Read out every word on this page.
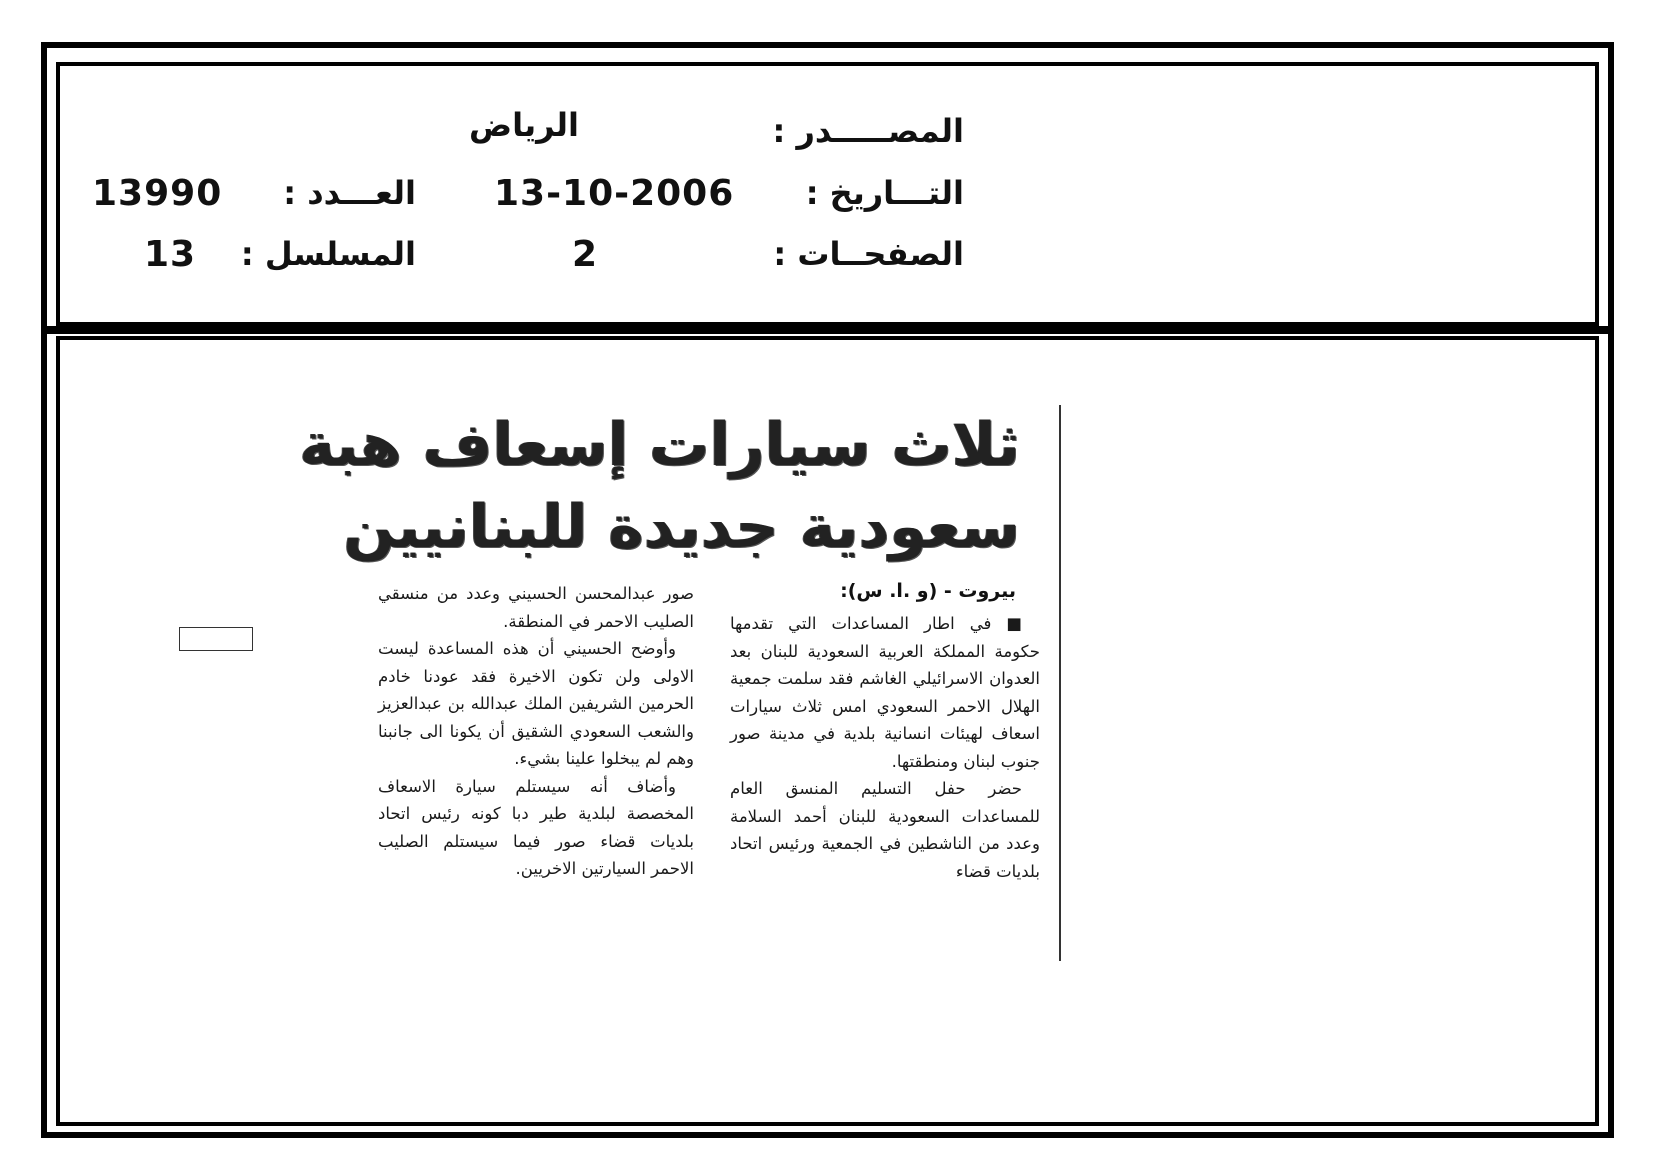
المصـــــدر :
الرياض
التـــاريخ :
13-10-2006
العـــدد :
13990
الصفحــات :
2
المسلسل :
13
ثلاث سيارات إسعاف هبة
سعودية جديدة للبنانيين
بيروت - (و .ا. س):

■ في اطار المساعدات التي تقدمها حكومة المملكة العربية السعودية للبنان بعد العدوان الاسرائيلي الغاشم فقد سلمت جمعية الهلال الاحمر السعودي امس ثلاث سيارات اسعاف لهيئات انسانية بلدية في مدينة صور جنوب لبنان ومنطقتها.

حضر حفل التسليم المنسق العام للمساعدات السعودية للبنان أحمد السلامة وعدد من الناشطين في الجمعية ورئيس اتحاد بلديات قضاء

صور عبدالمحسن الحسيني وعدد من منسقي الصليب الاحمر في المنطقة.

وأوضح الحسيني أن هذه المساعدة ليست الاولى ولن تكون الاخيرة فقد عودنا خادم الحرمين الشريفين الملك عبدالله بن عبدالعزيز والشعب السعودي الشقيق أن يكونا الى جانبنا وهم لم يبخلوا علينا بشيء.

وأضاف أنه سيستلم سيارة الاسعاف المخصصة لبلدية طير دبا كونه رئيس اتحاد بلديات قضاء صور فيما سيستلم الصليب الاحمر السيارتين الاخريين.
